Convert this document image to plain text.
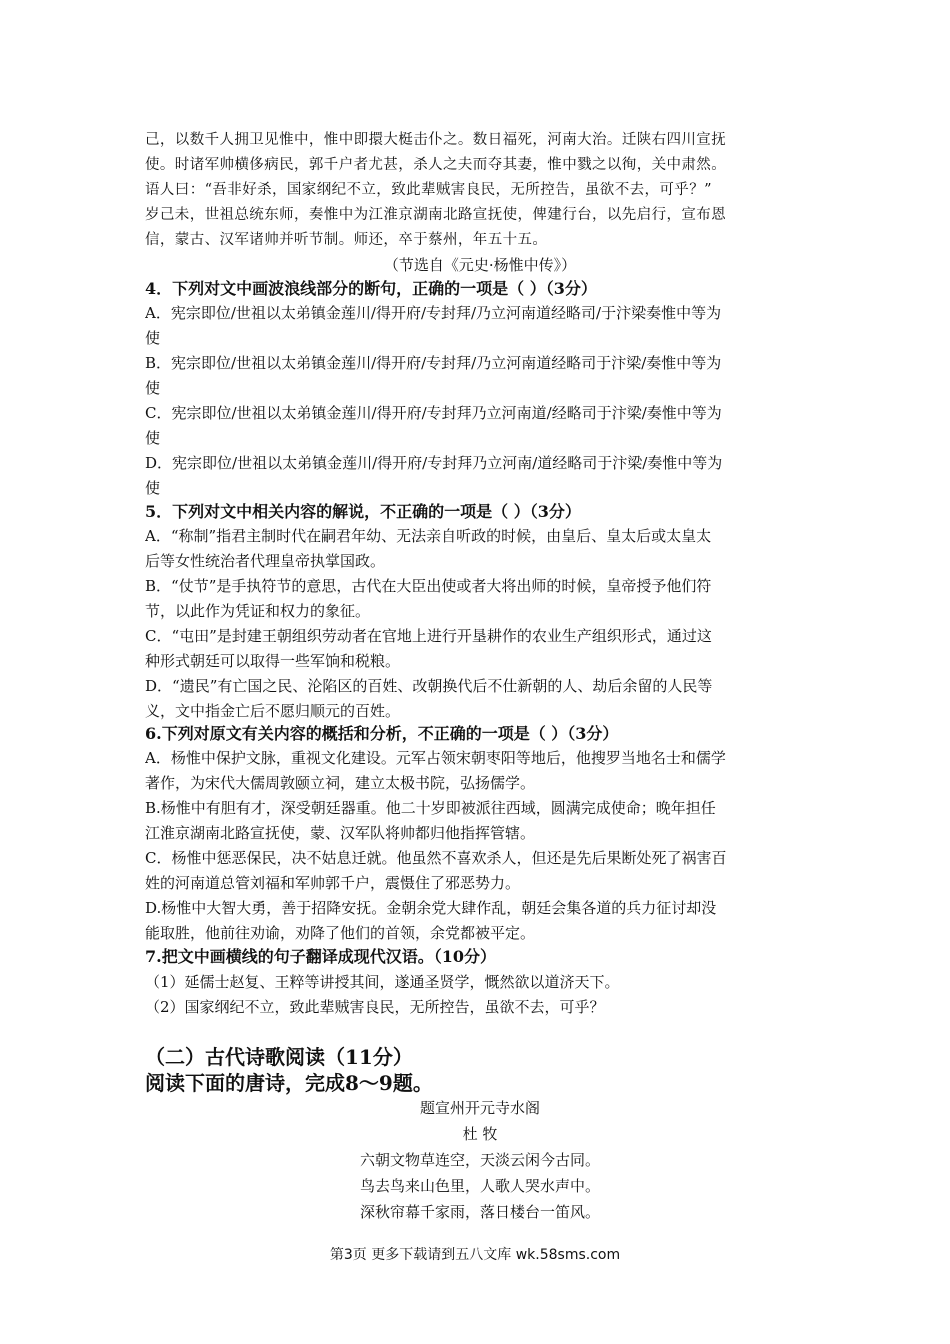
己，以数千人拥卫见惟中，惟中即擐大梃击仆之。数日福死，河南大治。迁陕右四川宣抚
使。时诸军帅横侈病民，郭千户者尤甚，杀人之夫而夺其妻，惟中戮之以徇，关中肃然。
语人曰：“吾非好杀，国家纲纪不立，致此辈贼害良民，无所控告，虽欲不去，可乎？”
岁己未，世祖总统东师，奏惟中为江淮京湖南北路宣抚使，俾建行台，以先启行，宣布恩
信，蒙古、汉军诸帅并听节制。师还，卒于蔡州，年五十五。
（节选自《元史·杨惟中传》）
4．下列对文中画波浪线部分的断句，正确的一项是（ ）（3分）
A．宪宗即位/世祖以太弟镇金莲川/得开府/专封拜/乃立河南道经略司/于汴梁奏惟中等为
使
B．宪宗即位/世祖以太弟镇金莲川/得开府/专封拜/乃立河南道经略司于汴梁/奏惟中等为
使
C．宪宗即位/世祖以太弟镇金莲川/得开府/专封拜乃立河南道/经略司于汴梁/奏惟中等为
使
D．宪宗即位/世祖以太弟镇金莲川/得开府/专封拜乃立河南/道经略司于汴梁/奏惟中等为
使
5．下列对文中相关内容的解说，不正确的一项是（ ）（3分）
A．“称制”指君主制时代在嗣君年幼、无法亲自听政的时候，由皇后、皇太后或太皇太
后等女性统治者代理皇帝执掌国政。
B．“仗节”是手执符节的意思，古代在大臣出使或者大将出师的时候，皇帝授予他们符
节，以此作为凭证和权力的象征。
C．“屯田”是封建王朝组织劳动者在官地上进行开垦耕作的农业生产组织形式，通过这
种形式朝廷可以取得一些军饷和税粮。
D．“遗民”有亡国之民、沦陷区的百姓、改朝换代后不仕新朝的人、劫后余留的人民等
义，文中指金亡后不愿归顺元的百姓。
6.下列对原文有关内容的概括和分析，不正确的一项是（ ）（3分）
A．杨惟中保护文脉，重视文化建设。元军占领宋朝枣阳等地后，他搜罗当地名士和儒学
著作，为宋代大儒周敦颐立祠，建立太极书院，弘扬儒学。
B.杨惟中有胆有才，深受朝廷器重。他二十岁即被派往西域，圆满完成使命；晚年担任
江淮京湖南北路宣抚使，蒙、汉军队将帅都归他指挥管辖。
C．杨惟中惩恶保民，决不姑息迁就。他虽然不喜欢杀人，但还是先后果断处死了祸害百
姓的河南道总管刘福和军帅郭千户，震慑住了邪恶势力。
D.杨惟中大智大勇，善于招降安抚。金朝余党大肆作乱，朝廷会集各道的兵力征讨却没
能取胜，他前往劝谕，劝降了他们的首领，余党都被平定。
7.把文中画横线的句子翻译成现代汉语。（10分）
（1）延儒士赵复、王粹等讲授其间，遂通圣贤学，慨然欲以道济天下。
（2）国家纲纪不立，致此辈贼害良民，无所控告，虽欲不去，可乎？
（二）古代诗歌阅读（11分）
阅读下面的唐诗，完成8～9题。
题宣州开元寺水阁
杜 牧
六朝文物草连空，天淡云闲今古同。
鸟去鸟来山色里，人歌人哭水声中。
深秋帘幕千家雨，落日楼台一笛风。
第3页 更多下载请到五八文库 wk.58sms.com
